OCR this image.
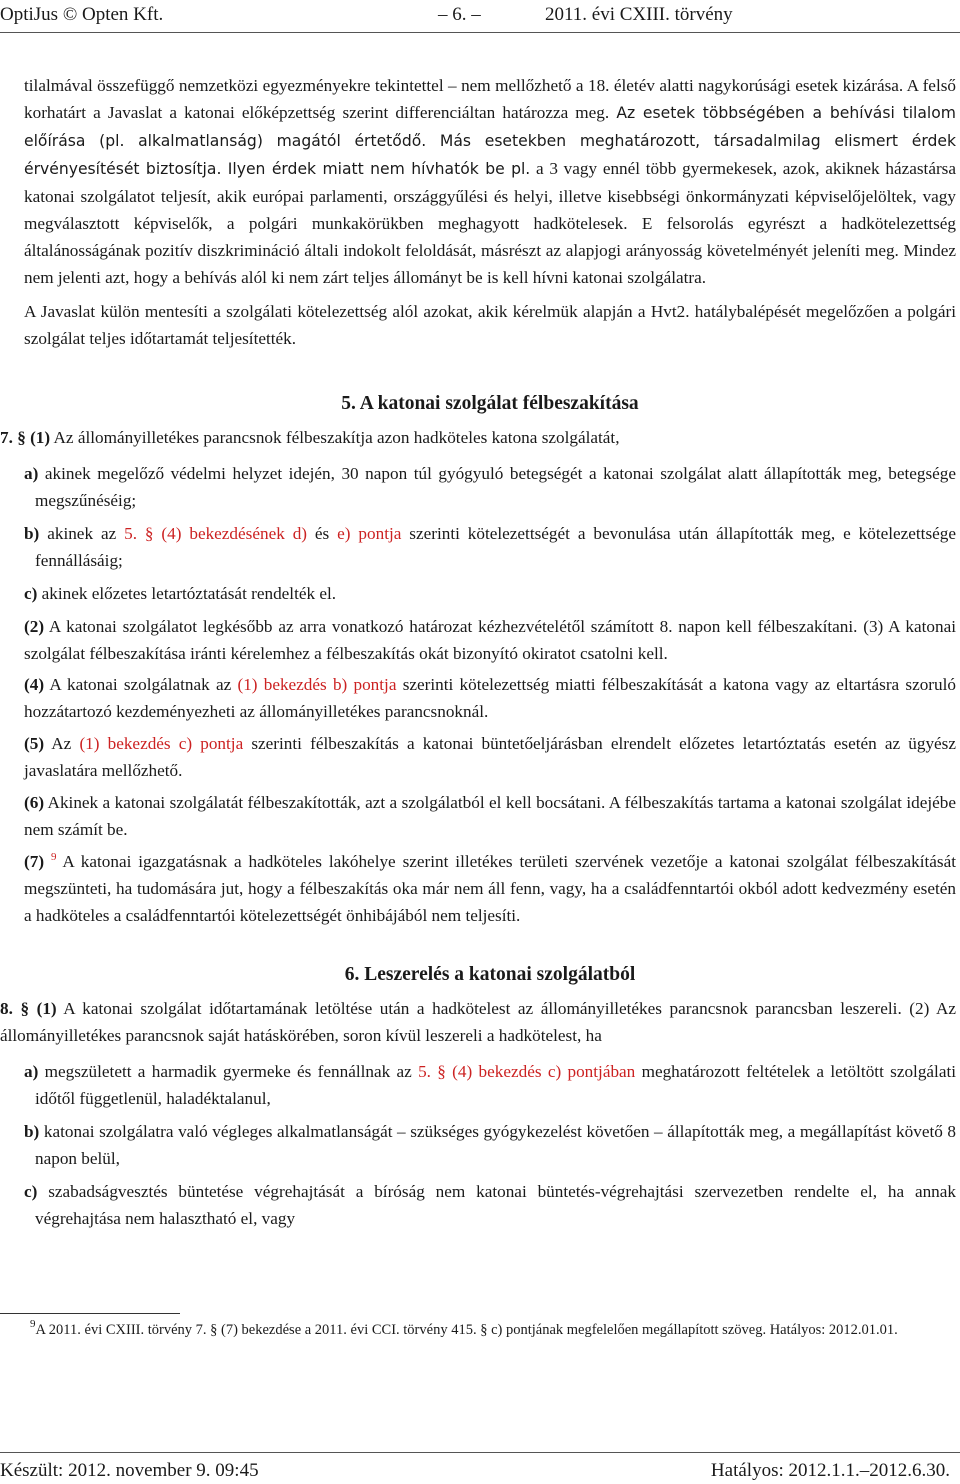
OptiJus © Opten Kft.	– 6. –	2011. évi CXIII. törvény

tilalmával összefüggő nemzetközi egyezményekre tekintettel – nem mellőzhető a 18. életév alatti nagykorúsági esetek kizárása. A felső korhatárt a Javaslat a katonai előképzettség szerint differenciáltan határozza meg. Az esetek többségében a behívási tilalom előírása (pl. alkalmatlanság) magától értetődő. Más esetekben meghatározott, társadalmilag elismert érdek érvényesítését biztosítja. Ilyen érdek miatt nem hívhatók be pl. a 3 vagy ennél több gyermekesek, azok, akiknek házastársa katonai szolgálatot teljesít, akik európai parlamenti, országgyűlési és helyi, illetve kisebbségi önkormányzati képviselőjelöltek, vagy megválasztott képviselők, a polgári munkakörükben meghagyott hadkötelesek. E felsorolás egyrészt a hadkötelezettség általánosságának pozitív diszkrimináció általi indokolt feloldását, másrészt az alapjogi arányosság követelményét jeleníti meg. Mindez nem jelenti azt, hogy a behívás alól ki nem zárt teljes állományt be is kell hívni katonai szolgálatra.

A Javaslat külön mentesíti a szolgálati kötelezettség alól azokat, akik kérelmük alapján a Hvt2. hatálybalépését megelőzően a polgári szolgálat teljes időtartamát teljesítették.

5. A katonai szolgálat félbeszakítása

7. § (1) Az állományilletékes parancsnok félbeszakítja azon hadköteles katona szolgálatát,

a) akinek megelőző védelmi helyzet idején, 30 napon túl gyógyuló betegségét a katonai szolgálat alatt állapították meg, betegsége megszűnéséig;

b) akinek az 5. § (4) bekezdésének d) és e) pontja szerinti kötelezettségét a bevonulása után állapították meg, e kötelezettsége fennállásáig;

c) akinek előzetes letartóztatását rendelték el.

(2) A katonai szolgálatot legkésőbb az arra vonatkozó határozat kézhezvételétől számított 8. napon kell félbeszakítani. (3) A katonai szolgálat félbeszakítása iránti kérelemhez a félbeszakítás okát bizonyító okiratot csatolni kell.

(4) A katonai szolgálatnak az (1) bekezdés b) pontja szerinti kötelezettség miatti félbeszakítását a katona vagy az eltartásra szoruló hozzátartozó kezdeményezheti az állományilletékes parancsnoknál.

(5) Az (1) bekezdés c) pontja szerinti félbeszakítás a katonai büntetőeljárásban elrendelt előzetes letartóztatás esetén az ügyész javaslatára mellőzhető.

(6) Akinek a katonai szolgálatát félbeszakították, azt a szolgálatból el kell bocsátani. A félbeszakítás tartama a katonai szolgálat idejébe nem számít be.

(7) $^9$ A katonai igazgatásnak a hadköteles lakóhelye szerint illetékes területi szervének vezetője a katonai szolgálat félbeszakítását megszünteti, ha tudomására jut, hogy a félbeszakítás oka már nem áll fenn, vagy, ha a családfenntartói okból adott kedvezmény esetén a hadköteles a családfenntartói kötelezettségét önhibájából nem teljesíti.

6. Leszerelés a katonai szolgálatból

8. § (1) A katonai szolgálat időtartamának letöltése után a hadkötelest az állományilletékes parancsnok parancsban leszereli. (2) Az állományilletékes parancsnok saját hatáskörében, soron kívül leszereli a hadkötelest, ha

a) megszületett a harmadik gyermeke és fennállnak az 5. § (4) bekezdés c) pontjában meghatározott feltételek a letöltött szolgálati időtől függetlenül, haladéktalanul,

b) katonai szolgálatra való végleges alkalmatlanságát – szükséges gyógykezelést követően – állapították meg, a megállapítást követő 8 napon belül,

c) szabadságvesztés büntetése végrehajtását a bíróság nem katonai büntetés-végrehajtási szervezetben rendelte el, ha annak végrehajtása nem halasztható el, vagy

$^9$A 2011. évi CXIII. törvény 7. § (7) bekezdése a 2011. évi CCI. törvény 415. § c) pontjának megfelelően megállapított szöveg. Hatályos: 2012.01.01.
Készült: 2012. november 9. 09:45	Hatályos: 2012.1.1.–2012.6.30.
